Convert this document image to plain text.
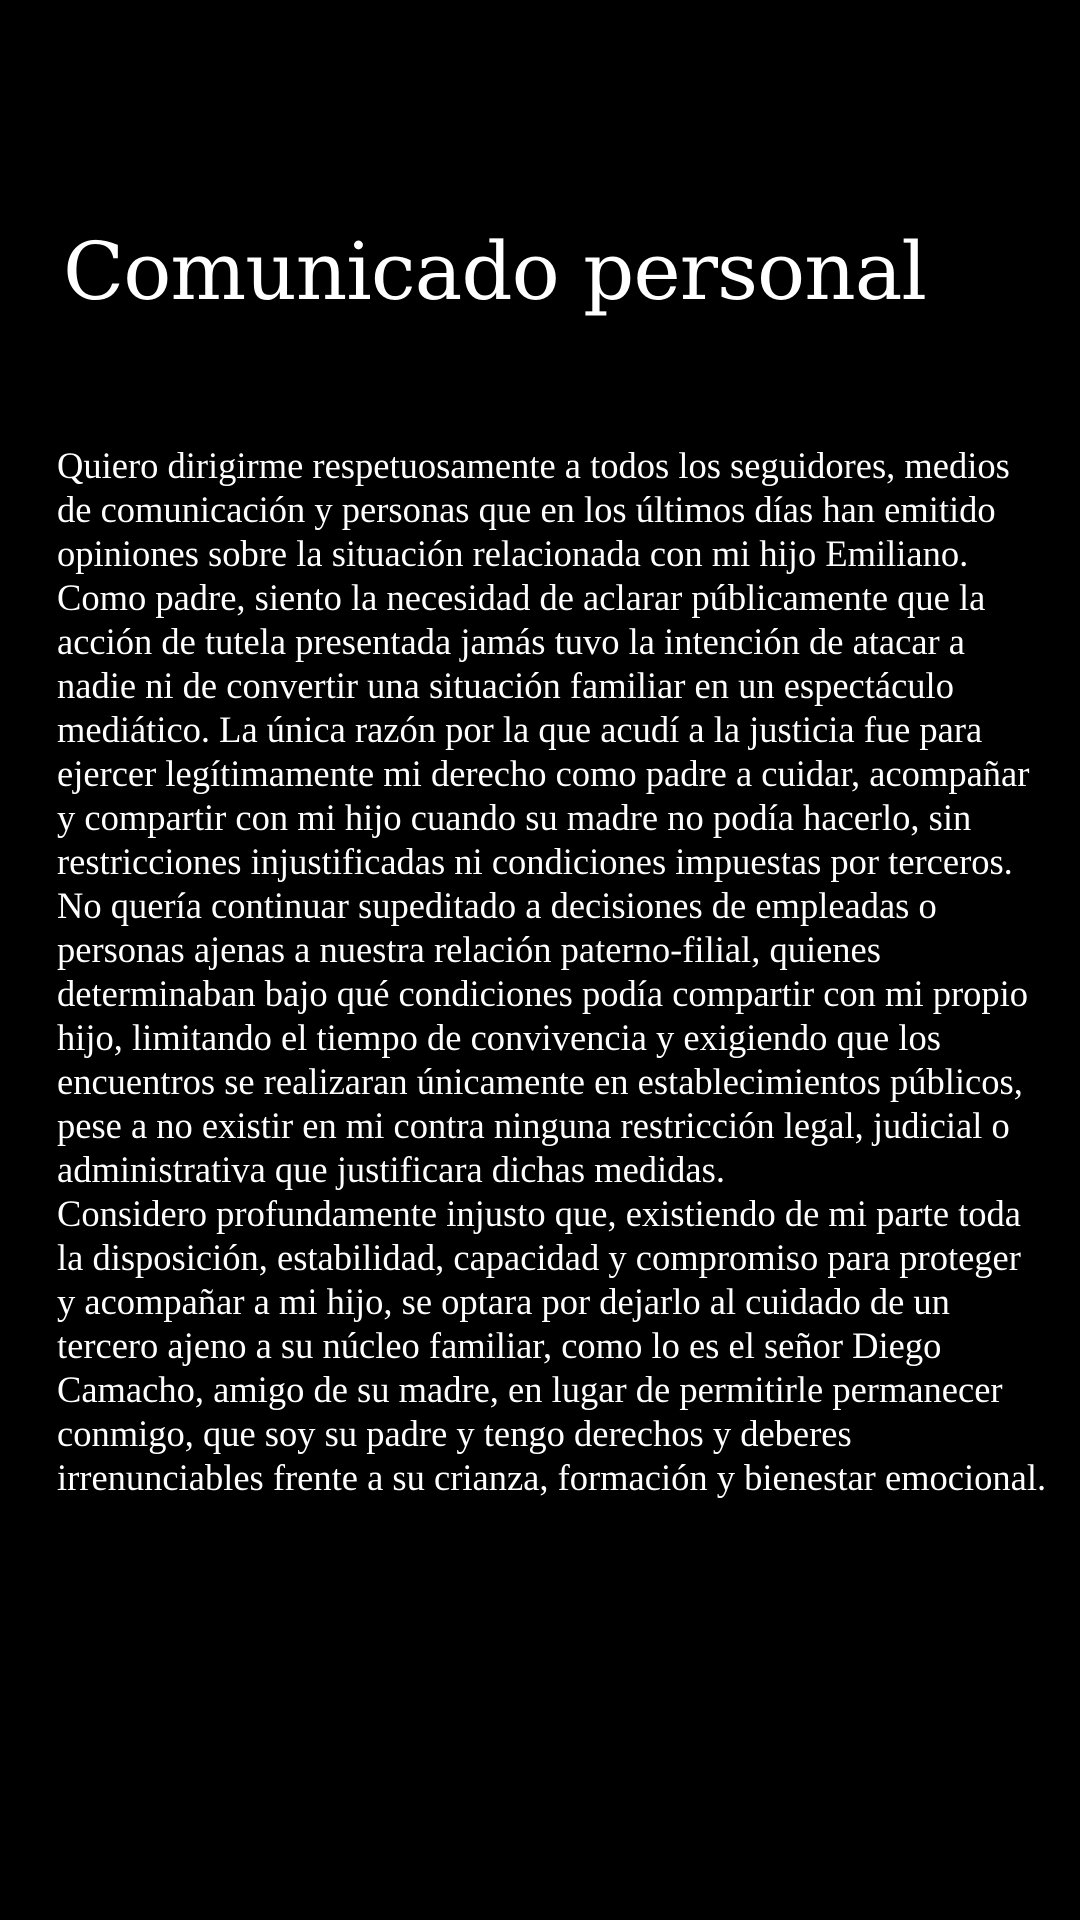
Comunicado personal

Quiero dirigirme respetuosamente a todos los seguidores, medios de comunicación y personas que en los últimos días han emitido opiniones sobre la situación relacionada con mi hijo Emiliano.

Como padre, siento la necesidad de aclarar públicamente que la acción de tutela presentada jamás tuvo la intención de atacar a nadie ni de convertir una situación familiar en un espectáculo mediático. La única razón por la que acudí a la justicia fue para ejercer legítimamente mi derecho como padre a cuidar, acompañar y compartir con mi hijo cuando su madre no podía hacerlo, sin restricciones injustificadas ni condiciones impuestas por terceros. No quería continuar supeditado a decisiones de empleadas o personas ajenas a nuestra relación paterno-filial, quienes determinaban bajo qué condiciones podía compartir con mi propio hijo, limitando el tiempo de convivencia y exigiendo que los encuentros se realizaran únicamente en establecimientos públicos, pese a no existir en mi contra ninguna restricción legal, judicial o administrativa que justificara dichas medidas.

Considero profundamente injusto que, existiendo de mi parte toda la disposición, estabilidad, capacidad y compromiso para proteger y acompañar a mi hijo, se optara por dejarlo al cuidado de un tercero ajeno a su núcleo familiar, como lo es el señor Diego Camacho, amigo de su madre, en lugar de permitirle permanecer conmigo, que soy su padre y tengo derechos y deberes irrenunciables frente a su crianza, formación y bienestar emocional.
